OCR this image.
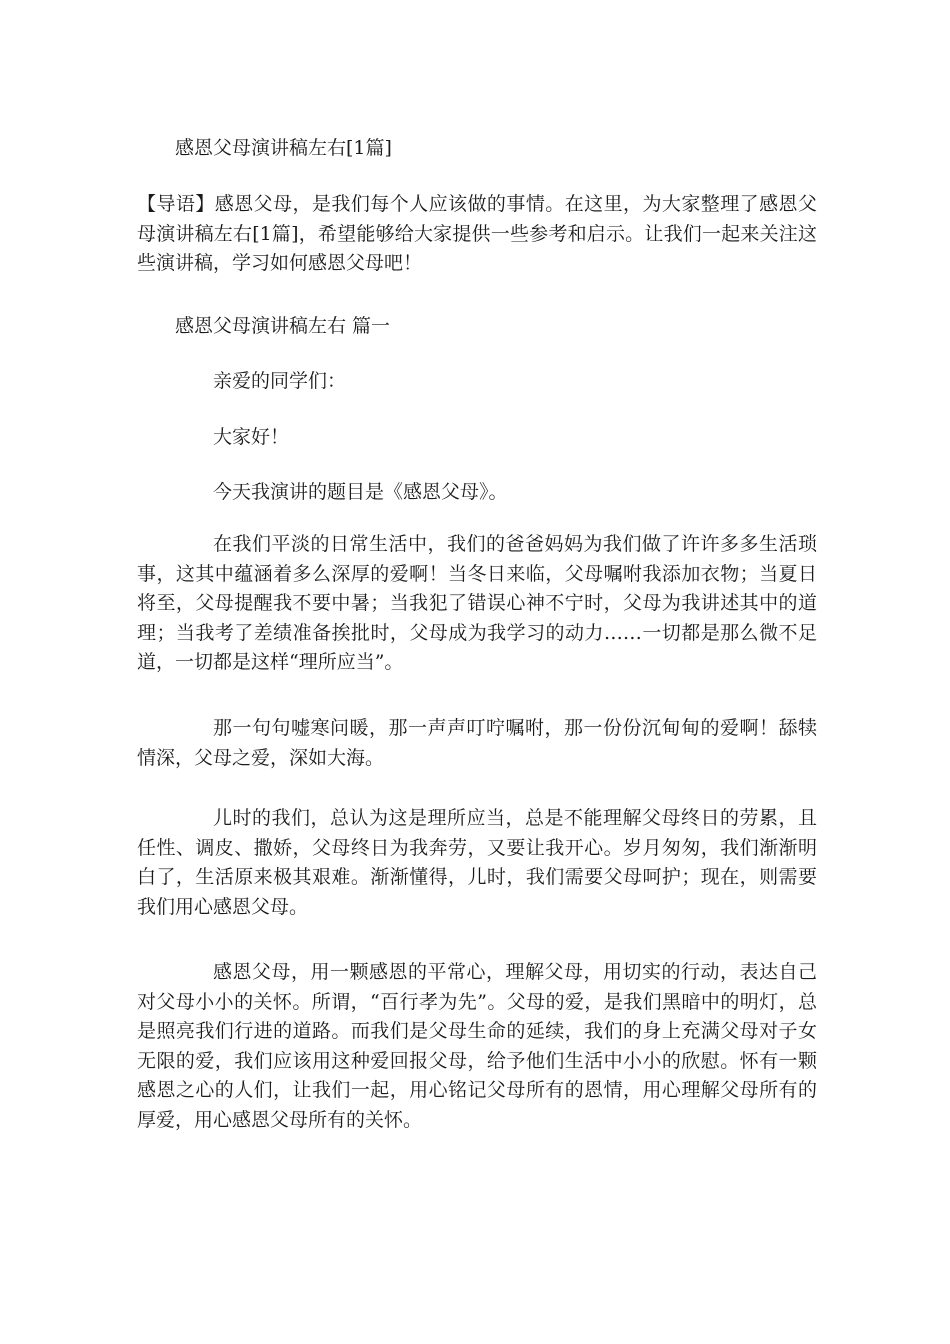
感恩父母演讲稿左右[1篇]

【导语】感恩父母，是我们每个人应该做的事情。在这里，为大家整理了感恩父母演讲稿左右[1篇]，希望能够给大家提供一些参考和启示。让我们一起来关注这些演讲稿，学习如何感恩父母吧！

感恩父母演讲稿左右 篇一

亲爱的同学们：

大家好！

今天我演讲的题目是《感恩父母》。

在我们平淡的日常生活中，我们的爸爸妈妈为我们做了许许多多生活琐事，这其中蕴涵着多么深厚的爱啊！当冬日来临，父母嘱咐我添加衣物；当夏日将至，父母提醒我不要中暑；当我犯了错误心神不宁时，父母为我讲述其中的道理；当我考了差绩准备挨批时，父母成为我学习的动力……一切都是那么微不足道，一切都是这样“理所应当”。

那一句句嘘寒问暖，那一声声叮咛嘱咐，那一份份沉甸甸的爱啊！舔犊情深，父母之爱，深如大海。

儿时的我们，总认为这是理所应当，总是不能理解父母终日的劳累，且任性、调皮、撒娇，父母终日为我奔劳，又要让我开心。岁月匆匆，我们渐渐明白了，生活原来极其艰难。渐渐懂得，儿时，我们需要父母呵护；现在，则需要我们用心感恩父母。

感恩父母，用一颗感恩的平常心，理解父母，用切实的行动，表达自己对父母小小的关怀。所谓，“百行孝为先”。父母的爱，是我们黑暗中的明灯，总是照亮我们行进的道路。而我们是父母生命的延续，我们的身上充满父母对子女无限的爱，我们应该用这种爱回报父母，给予他们生活中小小的欣慰。怀有一颗感恩之心的人们，让我们一起，用心铭记父母所有的恩情，用心理解父母所有的厚爱，用心感恩父母所有的关怀。
